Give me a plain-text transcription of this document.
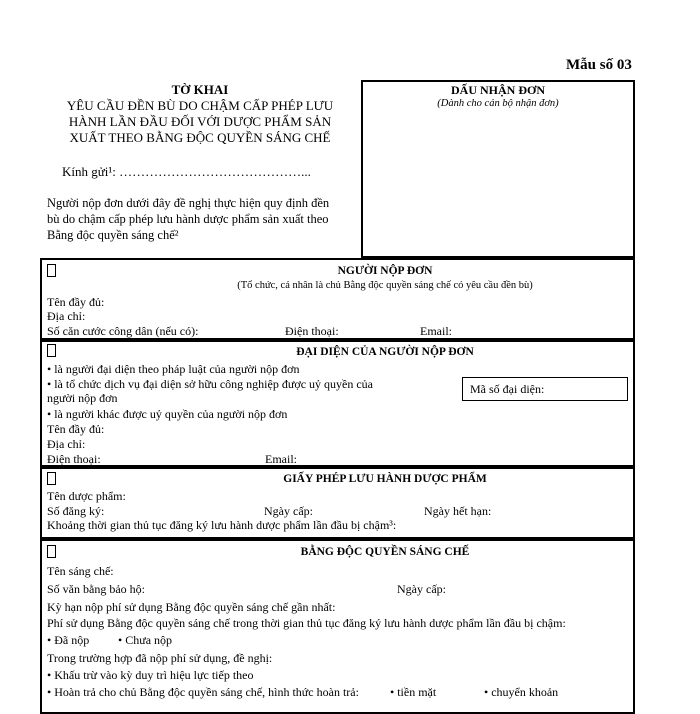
Mẫu số 03
TỜ KHAI
YÊU CẦU ĐỀN BÙ DO CHẬM CẤP PHÉP LƯU
HÀNH LẦN ĐẦU ĐỐI VỚI DƯỢC PHẨM SẢN
XUẤT THEO BẰNG ĐỘC QUYỀN SÁNG CHẾ
Kính gửi¹: ……………………………………...
Người nộp đơn dưới đây đề nghị thực hiện quy định đền
bù do chậm cấp phép lưu hành dược phẩm sản xuất theo
Bằng độc quyền sáng chế²
DẤU NHẬN ĐƠN
(Dành cho cán bộ nhận đơn)
NGƯỜI NỘP ĐƠN
(Tổ chức, cá nhân là chủ Bằng độc quyền sáng chế có yêu cầu đền bù)
Tên đầy đủ:
Địa chỉ:
Số căn cước công dân (nếu có):	Điện thoại:	Email:
ĐẠI DIỆN CỦA NGƯỜI NỘP ĐƠN
• là người đại diện theo pháp luật của người nộp đơn
• là tổ chức dịch vụ đại diện sở hữu công nghiệp được uỷ quyền của
người nộp đơn
• là người khác được uỷ quyền của người nộp đơn
Tên đầy đủ:
Địa chỉ:
Điện thoại:	Email:
Mã số đại diện:
GIẤY PHÉP LƯU HÀNH DƯỢC PHẨM
Tên dược phẩm:
Số đăng ký:	Ngày cấp:	Ngày hết hạn:
Khoảng thời gian thủ tục đăng ký lưu hành dược phẩm lần đầu bị chậm³:
BẰNG ĐỘC QUYỀN SÁNG CHẾ
Tên sáng chế:
Số văn bằng bảo hộ:	Ngày cấp:
Kỳ hạn nộp phí sử dụng Bằng độc quyền sáng chế gần nhất:
Phí sử dụng Bằng độc quyền sáng chế trong thời gian thủ tục đăng ký lưu hành dược phẩm lần đầu bị chậm:
• Đã nộp • Chưa nộp
Trong trường hợp đã nộp phí sử dụng, đề nghị:
• Khấu trừ vào kỳ duy trì hiệu lực tiếp theo
• Hoàn trả cho chủ Bằng độc quyền sáng chế, hình thức hoàn trả:	• tiền mặt	• chuyển khoản
